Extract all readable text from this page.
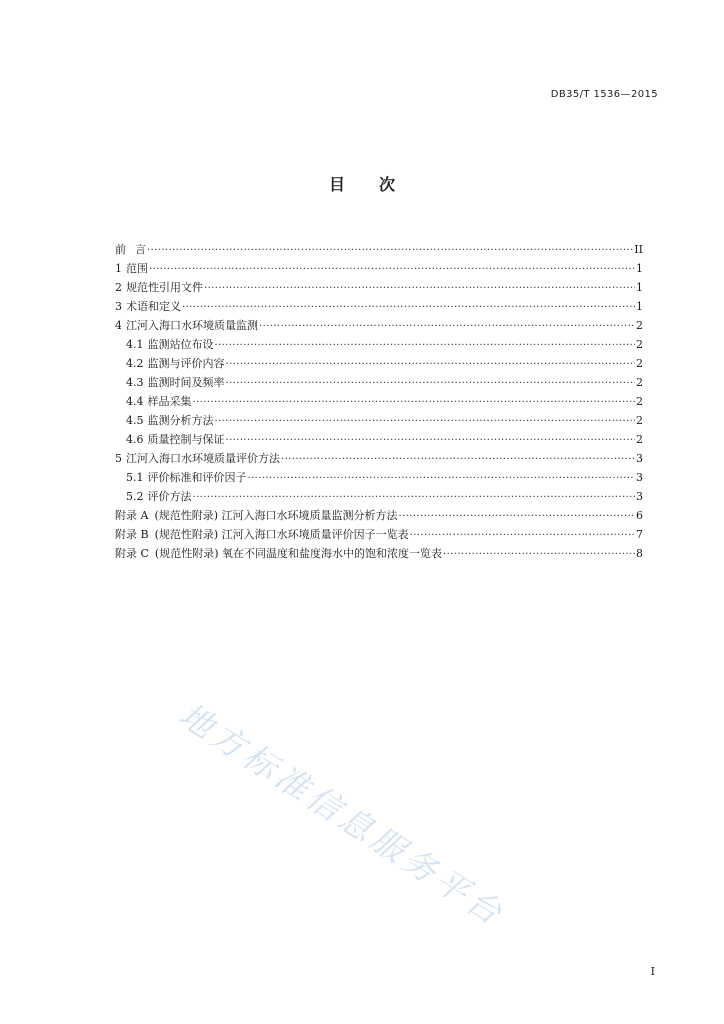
DB35/T 1536—2015
目 次
前 言 ·····	II
1 范围 ·····	1
2 规范性引用文件 ·····	1
3 术语和定义 ·····	1
4 江河入海口水环境质量监测 ·····	2
4.1 监测站位布设 ·····	2
4.2 监测与评价内容 ·····	2
4.3 监测时间及频率 ·····	2
4.4 样品采集 ·····	2
4.5 监测分析方法 ·····	2
4.6 质量控制与保证 ·····	2
5 江河入海口水环境质量评价方法 ·····	3
5.1 评价标准和评价因子 ·····	3
5.2 评价方法 ·····	3
附录 A (规范性附录) 江河入海口水环境质量监测分析方法 ·····	6
附录 B (规范性附录) 江河入海口水环境质量评价因子一览表 ·····	7
附录 C (规范性附录) 氧在不同温度和盐度海水中的饱和浓度一览表 ·····	8
地方标准信息服务平台
I
